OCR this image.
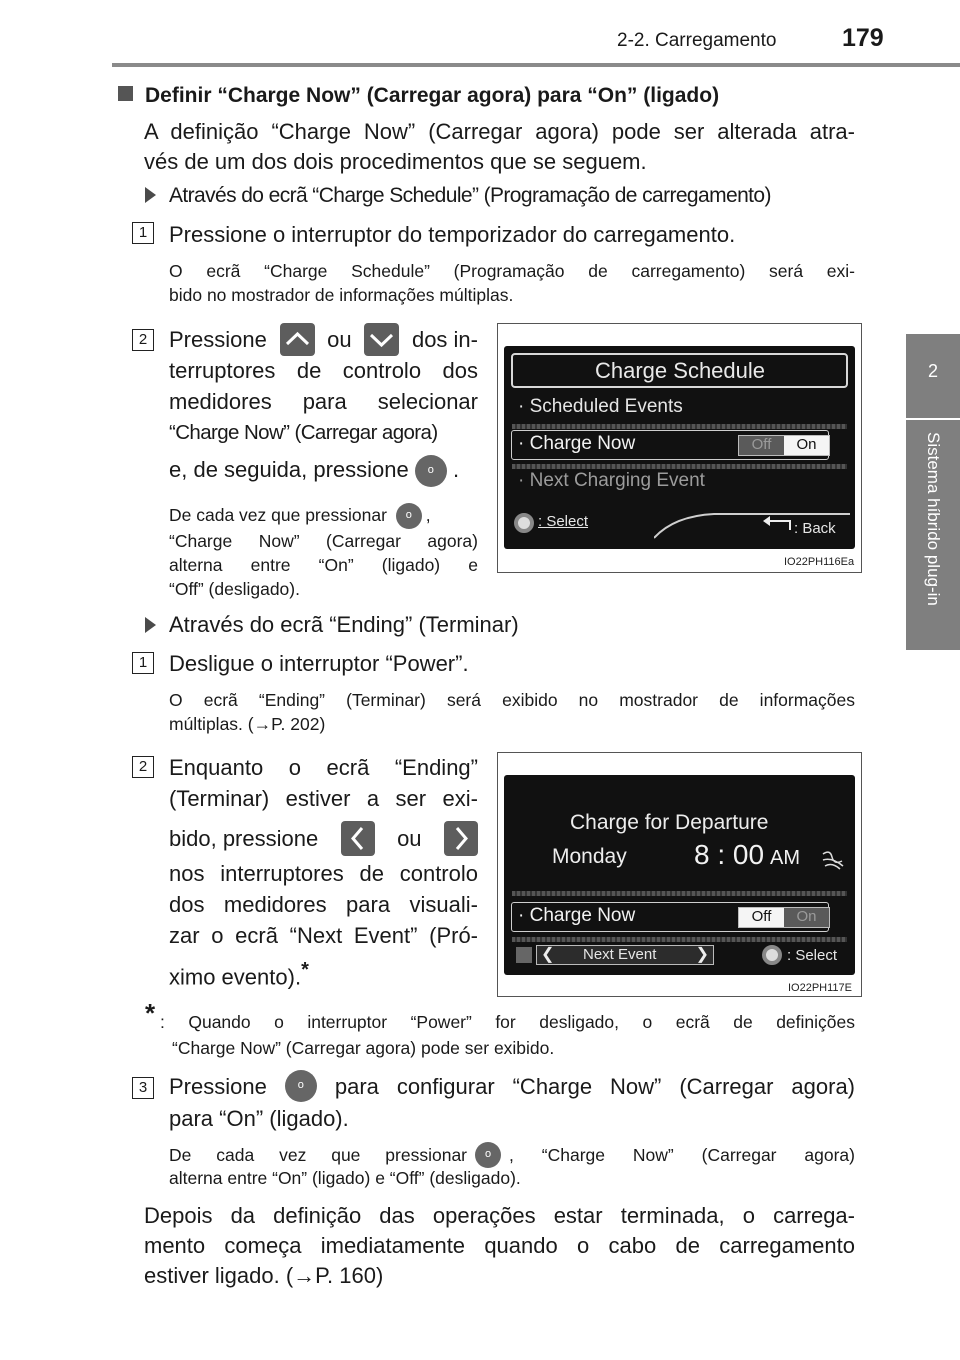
2-2. Carregamento	179
2
Sistema híbrido plug-in
Definir “Charge Now” (Carregar agora) para “On” (ligado)
A definição “Charge Now” (Carregar agora) pode ser alterada atra-
vés de um dos dois procedimentos que se seguem.
Através do ecrã “Charge Schedule” (Programação de carregamento)
1 Pressione o interruptor do temporizador do carregamento.
O ecrã “Charge Schedule” (Programação de carregamento) será exi-
bido no mostrador de informações múltiplas.
2 Pressione	ou	dos in-
terruptores de controlo dos
medidores para selecionar
“Charge Now” (Carregar agora)
e, de seguida, pressione o .
De cada vez que pressionar o ,
“Charge Now” (Carregar agora)
alterna entre “On” (ligado) e
“Off” (desligado).
Charge Schedule
· Scheduled Events
· Charge Now	Off	On
· Next Charging Event
: Select	: Back
IO22PH116Ea
Através do ecrã “Ending” (Terminar)
1 Desligue o interruptor “Power”.
O ecrã “Ending” (Terminar) será exibido no mostrador de informações
múltiplas. (→P. 202)
2 Enquanto o ecrã “Ending”
(Terminar) estiver a ser exi-
bido, pressione	ou
nos interruptores de controlo
dos medidores para visuali-
zar o ecrã “Next Event” (Pró-
ximo evento).*
Charge for Departure
Monday 8 : 00 AM
· Charge Now	Off	On
❮ Next Event ❯	: Select
IO22PH117E
* : Quando o interruptor “Power” for desligado, o ecrã de definições
“Charge Now” (Carregar agora) pode ser exibido.
3 Pressione	o	para configurar “Charge Now” (Carregar agora)
para “On” (ligado).
De cada vez que pressionar	o	, “Charge Now” (Carregar agora)
alterna entre “On” (ligado) e “Off” (desligado).
Depois da definição das operações estar terminada, o carrega-
mento começa imediatamente quando o cabo de carregamento
estiver ligado. (→P. 160)
